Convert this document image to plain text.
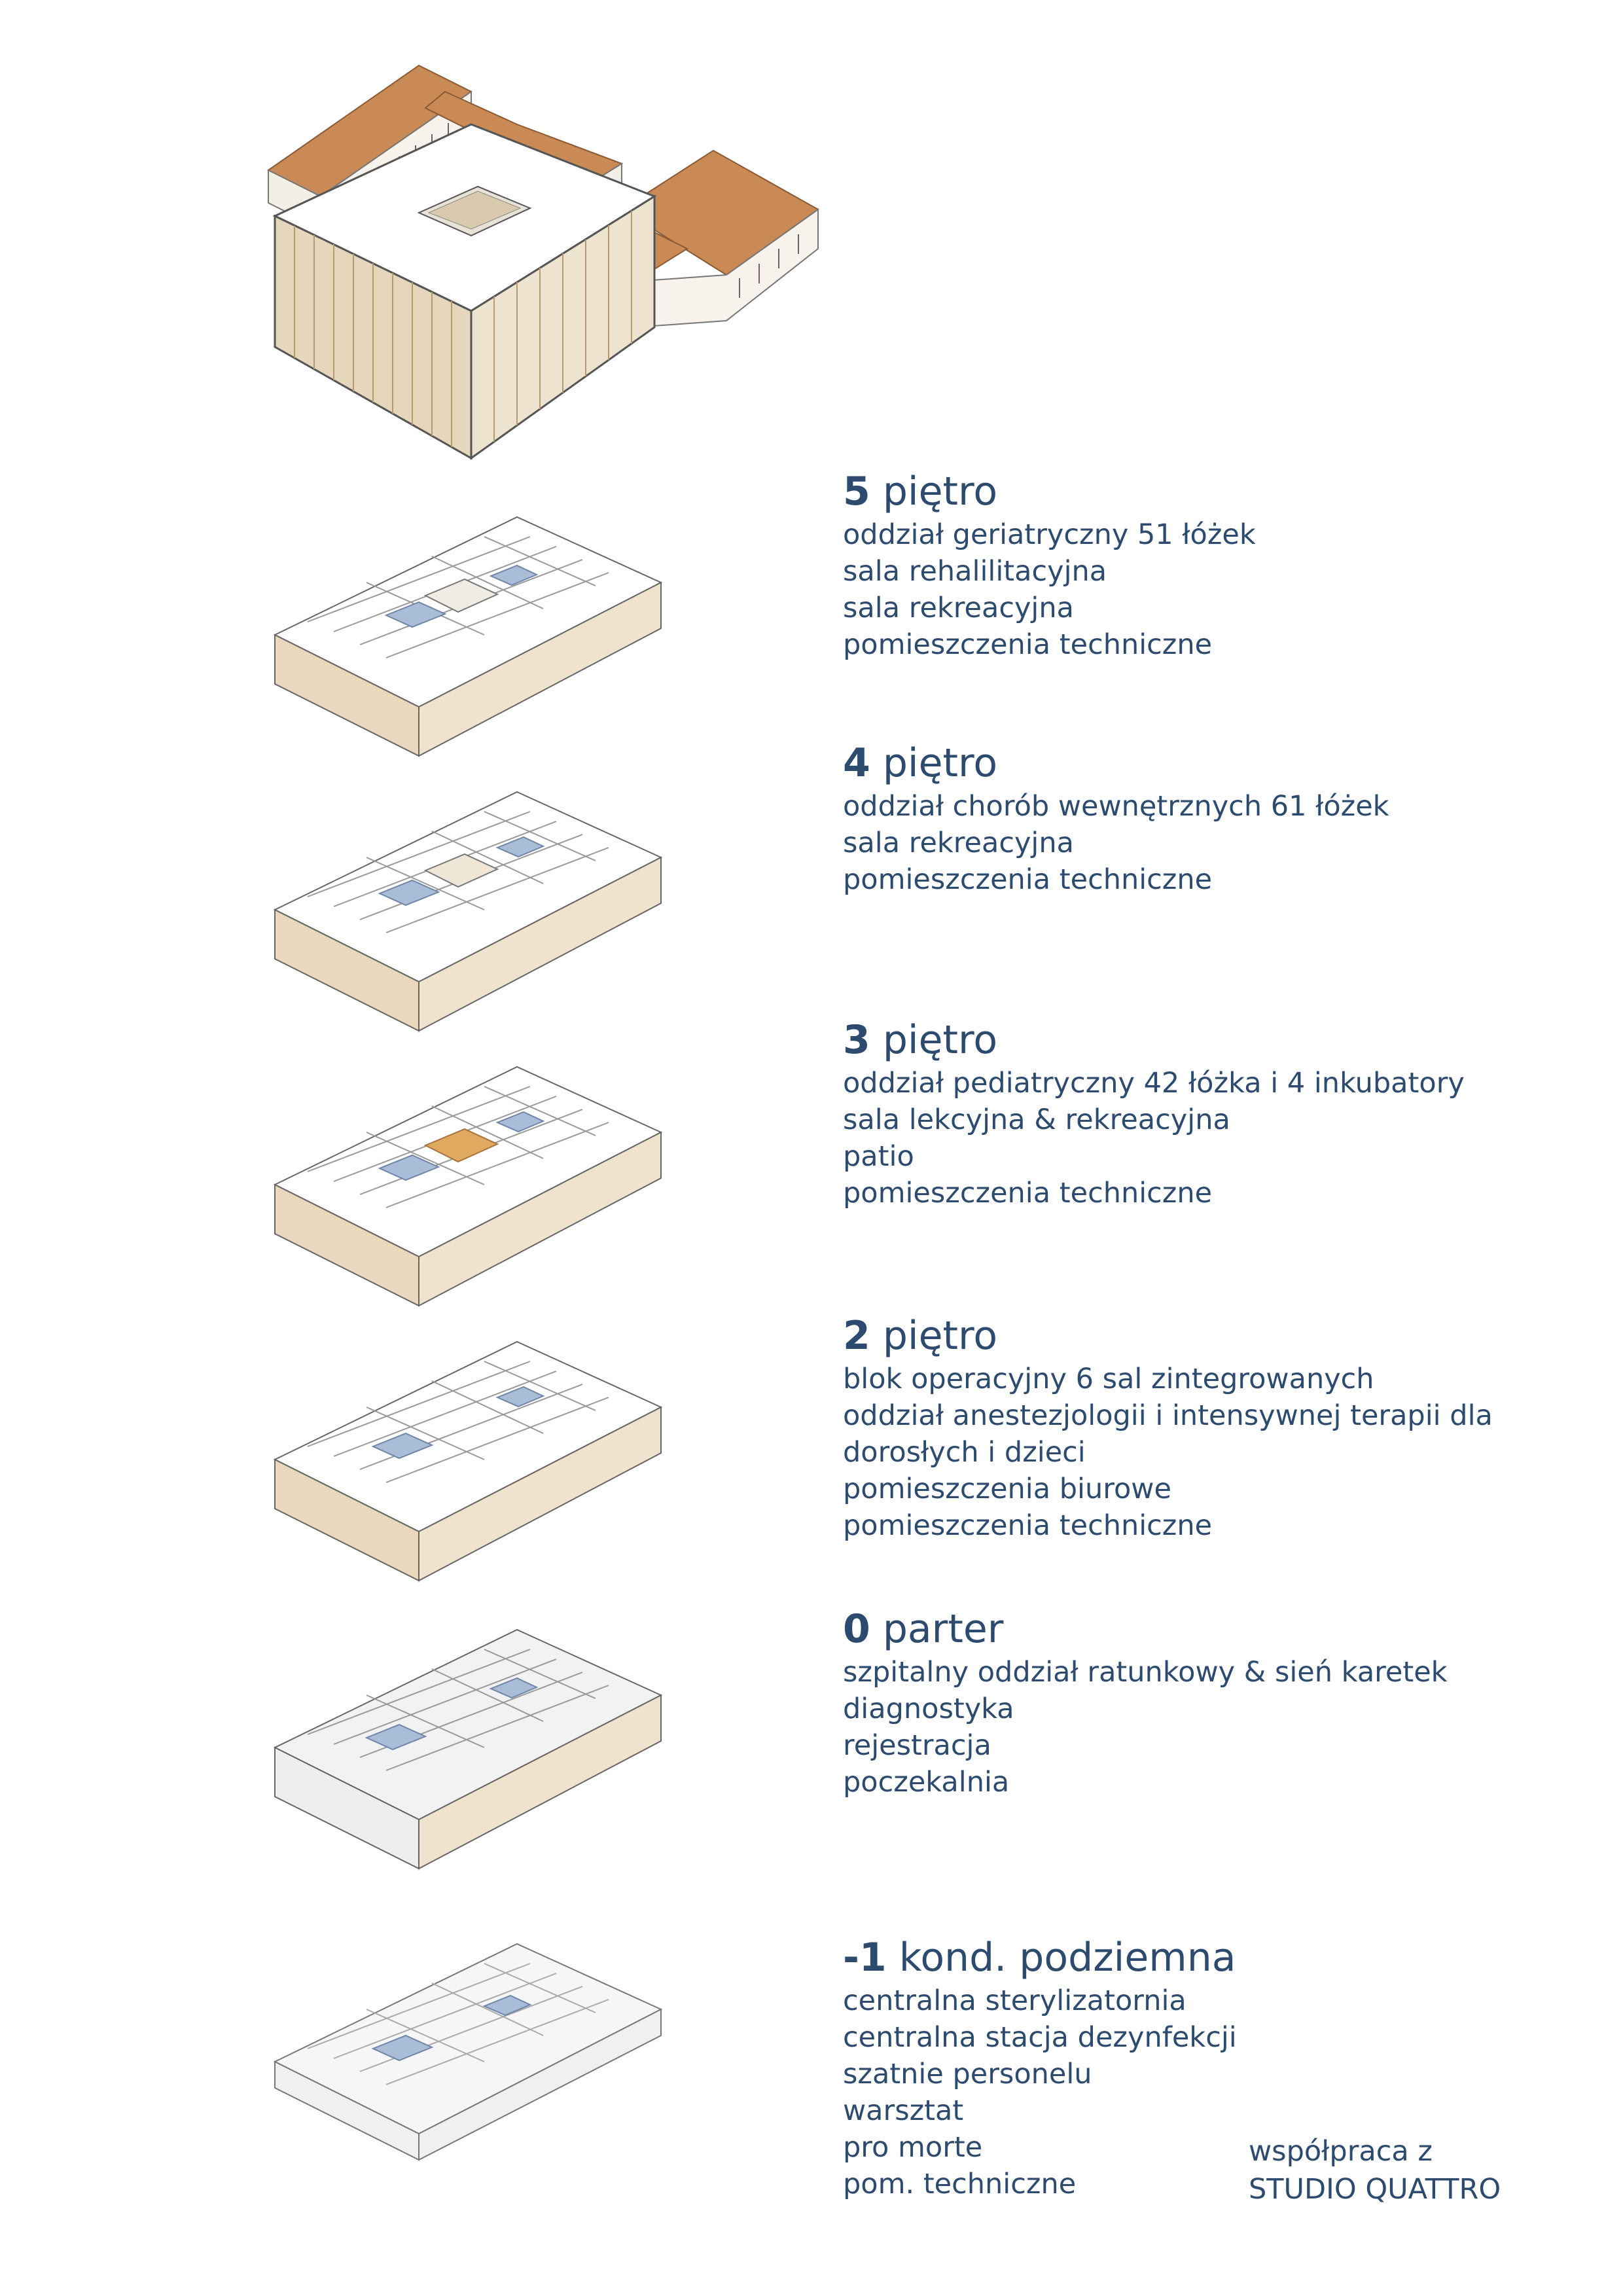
5 piętro
oddział geriatryczny 51 łóżek
sala rehalilitacyjna
sala rekreacyjna
pomieszczenia techniczne
4 piętro
oddział chorób wewnętrznych 61 łóżek
sala rekreacyjna
pomieszczenia techniczne
3 piętro
oddział pediatryczny 42 łóżka i 4 inkubatory
sala lekcyjna & rekreacyjna
patio
pomieszczenia techniczne
2 piętro
blok operacyjny 6 sal zintegrowanych
oddział anestezjologii i intensywnej terapii dla
dorosłych i dzieci
pomieszczenia biurowe
pomieszczenia techniczne
0 parter
szpitalny oddział ratunkowy & sień karetek
diagnostyka
rejestracja
poczekalnia
-1 kond. podziemna
centralna sterylizatornia
centralna stacja dezynfekcji
szatnie personelu
warsztat
pro morte
pom. techniczne
współpraca z
STUDIO QUATTRO
